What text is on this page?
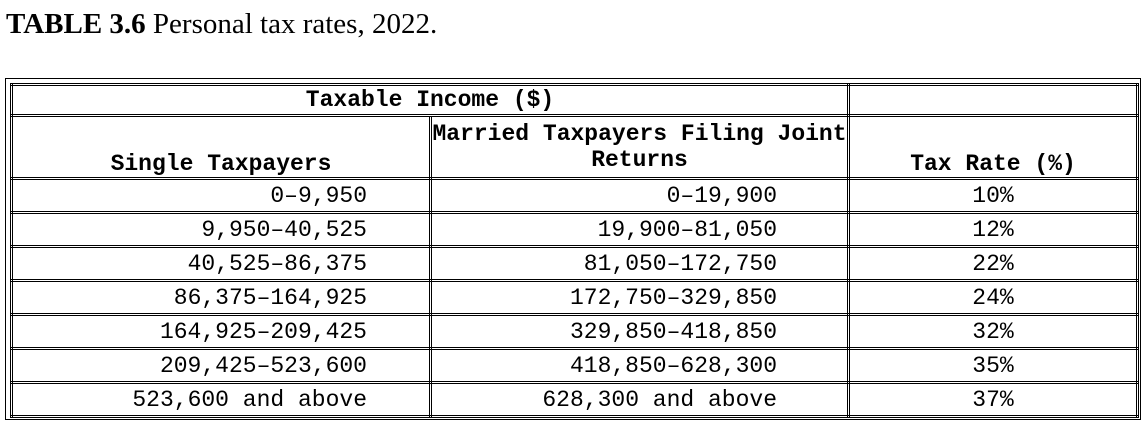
TABLE 3.6 Personal tax rates, 2022.
Taxable Income ($)		
Single Taxpayers	Married Taxpayers Filing Joint Returns	Tax Rate (%)
0–9,950	0–19,900	10%
9,950–40,525	19,900–81,050	12%
40,525–86,375	81,050–172,750	22%
86,375–164,925	172,750–329,850	24%
164,925–209,425	329,850–418,850	32%
209,425–523,600	418,850–628,300	35%
523,600 and above	628,300 and above	37%
